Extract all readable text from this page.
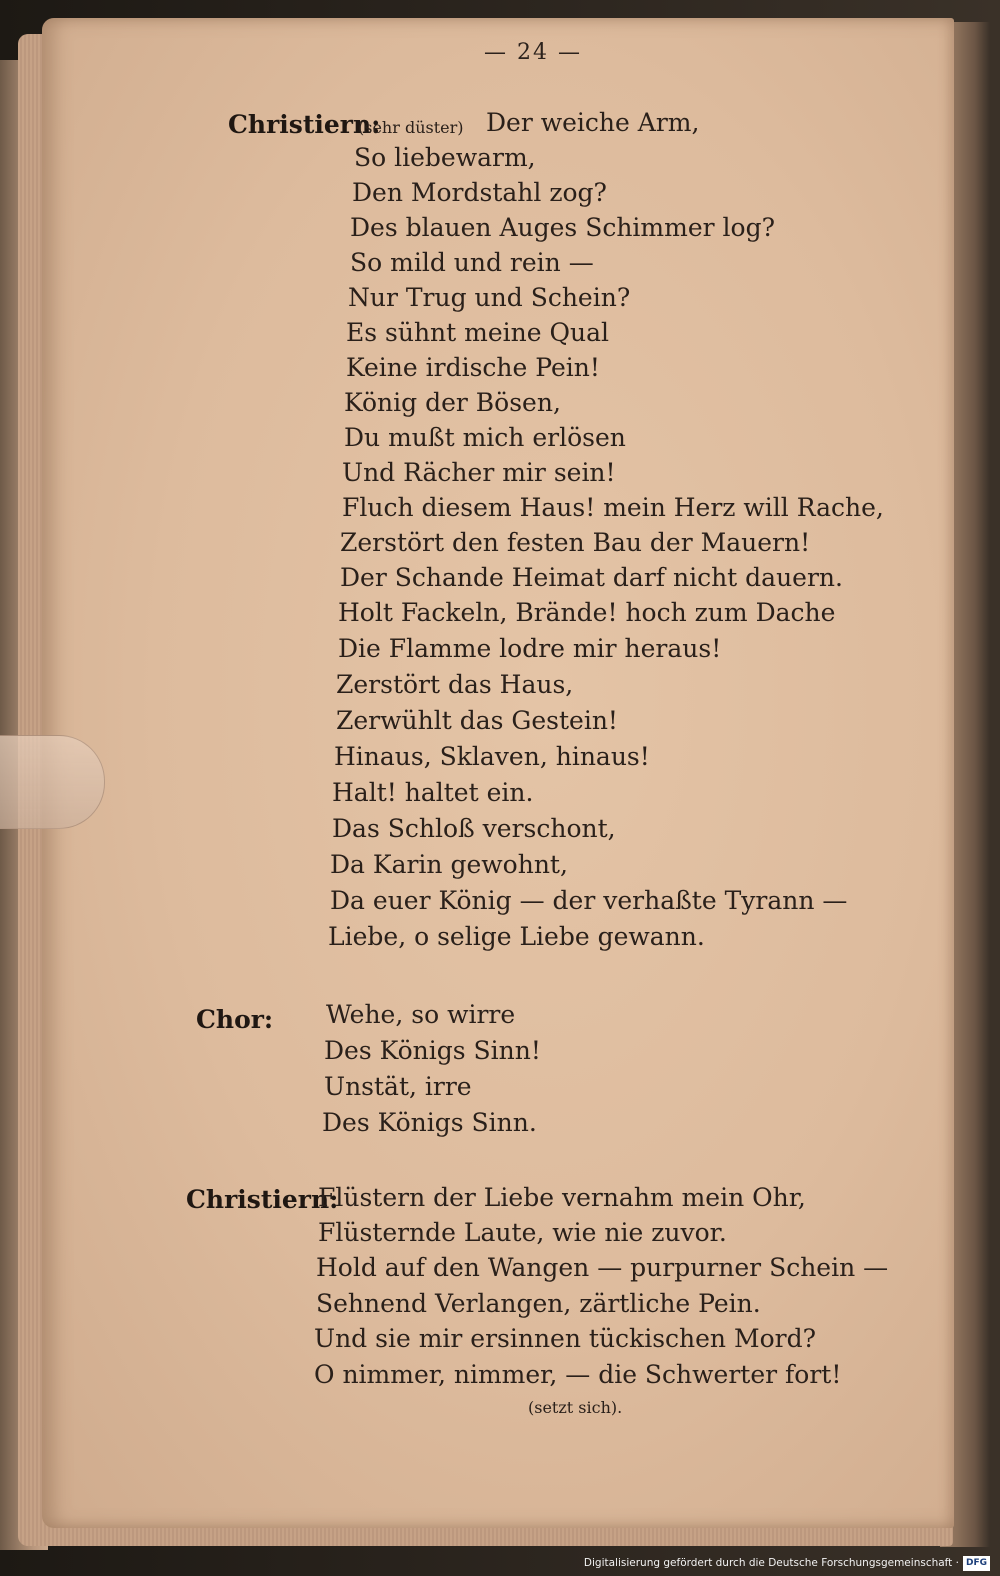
— 24 —
Christiern:
(sehr düster) Der weiche Arm,
So liebewarm,
Den Mordstahl zog?
Des blauen Auges Schimmer log?
So mild und rein —
Nur Trug und Schein?
Es sühnt meine Qual
Keine irdische Pein!
König der Bösen,
Du mußt mich erlösen
Und Rächer mir sein!
Fluch diesem Haus! mein Herz will Rache,
Zerstört den festen Bau der Mauern!
Der Schande Heimat darf nicht dauern.
Holt Fackeln, Brände! hoch zum Dache
Die Flamme lodre mir heraus!
Zerstört das Haus,
Zerwühlt das Gestein!
Hinaus, Sklaven, hinaus!
Halt! haltet ein.
Das Schloß verschont,
Da Karin gewohnt,
Da euer König — der verhaßte Tyrann —
Liebe, o selige Liebe gewann.
Chor: Wehe, so wirre
Des Königs Sinn!
Unstät, irre
Des Königs Sinn.
Christiern:
Flüstern der Liebe vernahm mein Ohr,
Flüsternde Laute, wie nie zuvor.
Hold auf den Wangen — purpurner Schein —
Sehnend Verlangen, zärtliche Pein.
Und sie mir ersinnen tückischen Mord?
O nimmer, nimmer, — die Schwerter fort!
(setzt sich).
Digitalisierung gefördert durch die Deutsche Forschungsgemeinschaft · DFG
